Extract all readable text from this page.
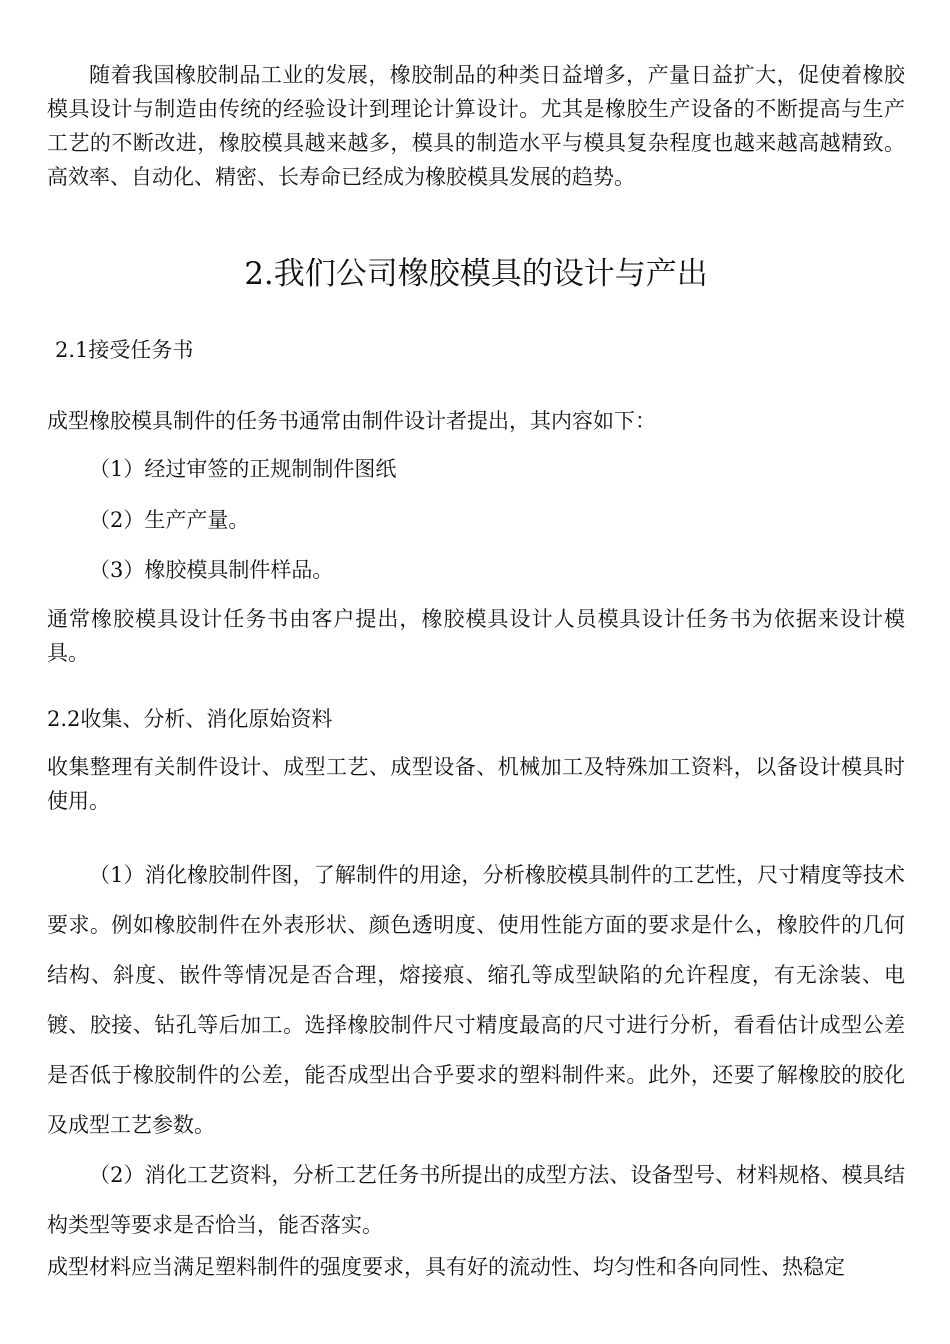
随着我国橡胶制品工业的发展，橡胶制品的种类日益增多，产量日益扩大，促使着橡胶模具设计与制造由传统的经验设计到理论计算设计。尤其是橡胶生产设备的不断提高与生产工艺的不断改进，橡胶模具越来越多，模具的制造水平与模具复杂程度也越来越高越精致。高效率、自动化、精密、长寿命已经成为橡胶模具发展的趋势。

2.我们公司橡胶模具的设计与产出
2.1接受任务书

成型橡胶模具制件的任务书通常由制件设计者提出，其内容如下：

（1）经过审签的正规制制件图纸

（2）生产产量。

（3）橡胶模具制件样品。

通常橡胶模具设计任务书由客户提出，橡胶模具设计人员模具设计任务书为依据来设计模具。

2.2收集、分析、消化原始资料

收集整理有关制件设计、成型工艺、成型设备、机械加工及特殊加工资料，以备设计模具时使用。

（1）消化橡胶制件图，了解制件的用途，分析橡胶模具制件的工艺性，尺寸精度等技术要求。例如橡胶制件在外表形状、颜色透明度、使用性能方面的要求是什么，橡胶件的几何结构、斜度、嵌件等情况是否合理，熔接痕、缩孔等成型缺陷的允许程度，有无涂装、电镀、胶接、钻孔等后加工。选择橡胶制件尺寸精度最高的尺寸进行分析，看看估计成型公差是否低于橡胶制件的公差，能否成型出合乎要求的塑料制件来。此外，还要了解橡胶的胶化及成型工艺参数。

（2）消化工艺资料，分析工艺任务书所提出的成型方法、设备型号、材料规格、模具结构类型等要求是否恰当，能否落实。

成型材料应当满足塑料制件的强度要求，具有好的流动性、均匀性和各向同性、热稳定
